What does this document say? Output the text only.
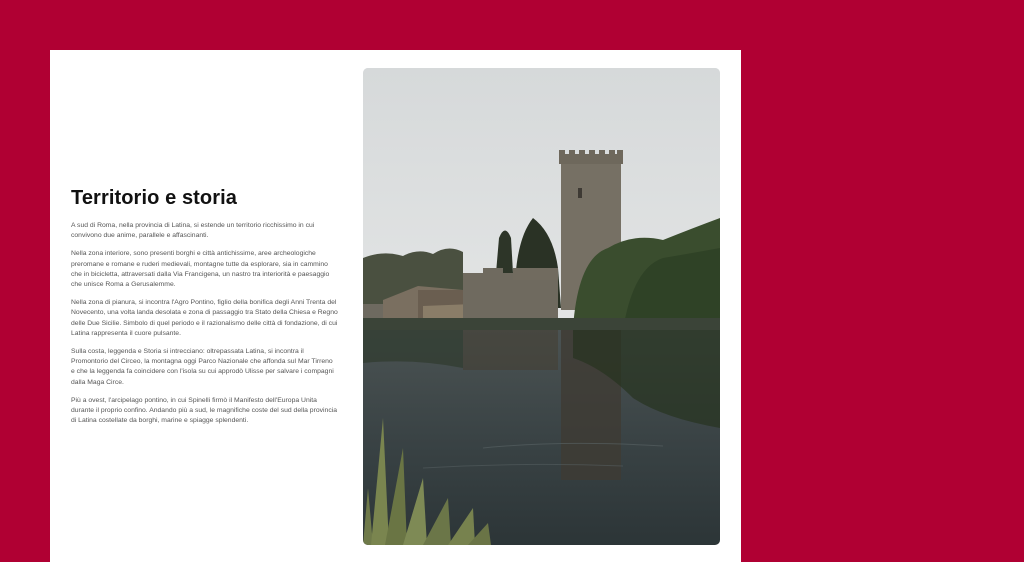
Territorio e storia

A sud di Roma, nella provincia di Latina, si estende un territorio ricchissimo in cui convivono due anime, parallele e affascinanti.

Nella zona interiore, sono presenti borghi e città antichissime, aree archeologiche preromane e romane e ruderi medievali, montagne tutte da esplorare, sia in cammino che in bicicletta, attraversati dalla Via Francigena, un nastro tra interiorità e paesaggio che unisce Roma a Gerusalemme.

Nella zona di pianura, si incontra l'Agro Pontino, figlio della bonifica degli Anni Trenta del Novecento, una volta landa desolata e zona di passaggio tra Stato della Chiesa e Regno delle Due Sicilie. Simbolo di quel periodo e il razionalismo delle città di fondazione, di cui Latina rappresenta il cuore pulsante.

Sulla costa, leggenda e Storia si intrecciano: oltrepassata Latina, si incontra il Promontorio del Circeo, la montagna oggi Parco Nazionale che affonda sul Mar Tirreno e che la leggenda fa coincidere con l'isola su cui approdò Ulisse per salvare i compagni dalla Maga Circe.

Più a ovest, l'arcipelago pontino, in cui Spinelli firmò il Manifesto dell'Europa Unita durante il proprio confino. Andando più a sud, le magnifiche coste del sud della provincia di Latina costellate da borghi, marine e spiagge splendenti.
